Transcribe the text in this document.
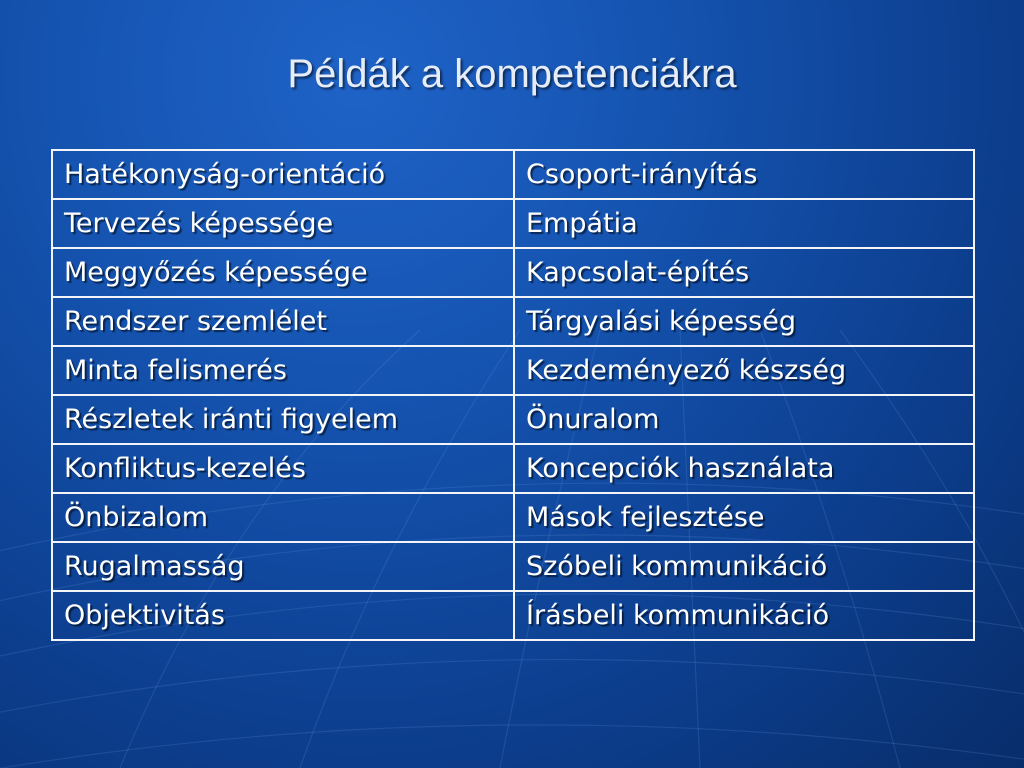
Példák a kompetenciákra
Hatékonyság-orientáció	Csoport-irányítás
Tervezés képessége	Empátia
Meggyőzés képessége	Kapcsolat-építés
Rendszer szemlélet	Tárgyalási képesség
Minta felismerés	Kezdeményező készség
Részletek iránti figyelem	Önuralom
Konfliktus-kezelés	Koncepciók használata
Önbizalom	Mások fejlesztése
Rugalmasság	Szóbeli kommunikáció
Objektivitás	Írásbeli kommunikáció
